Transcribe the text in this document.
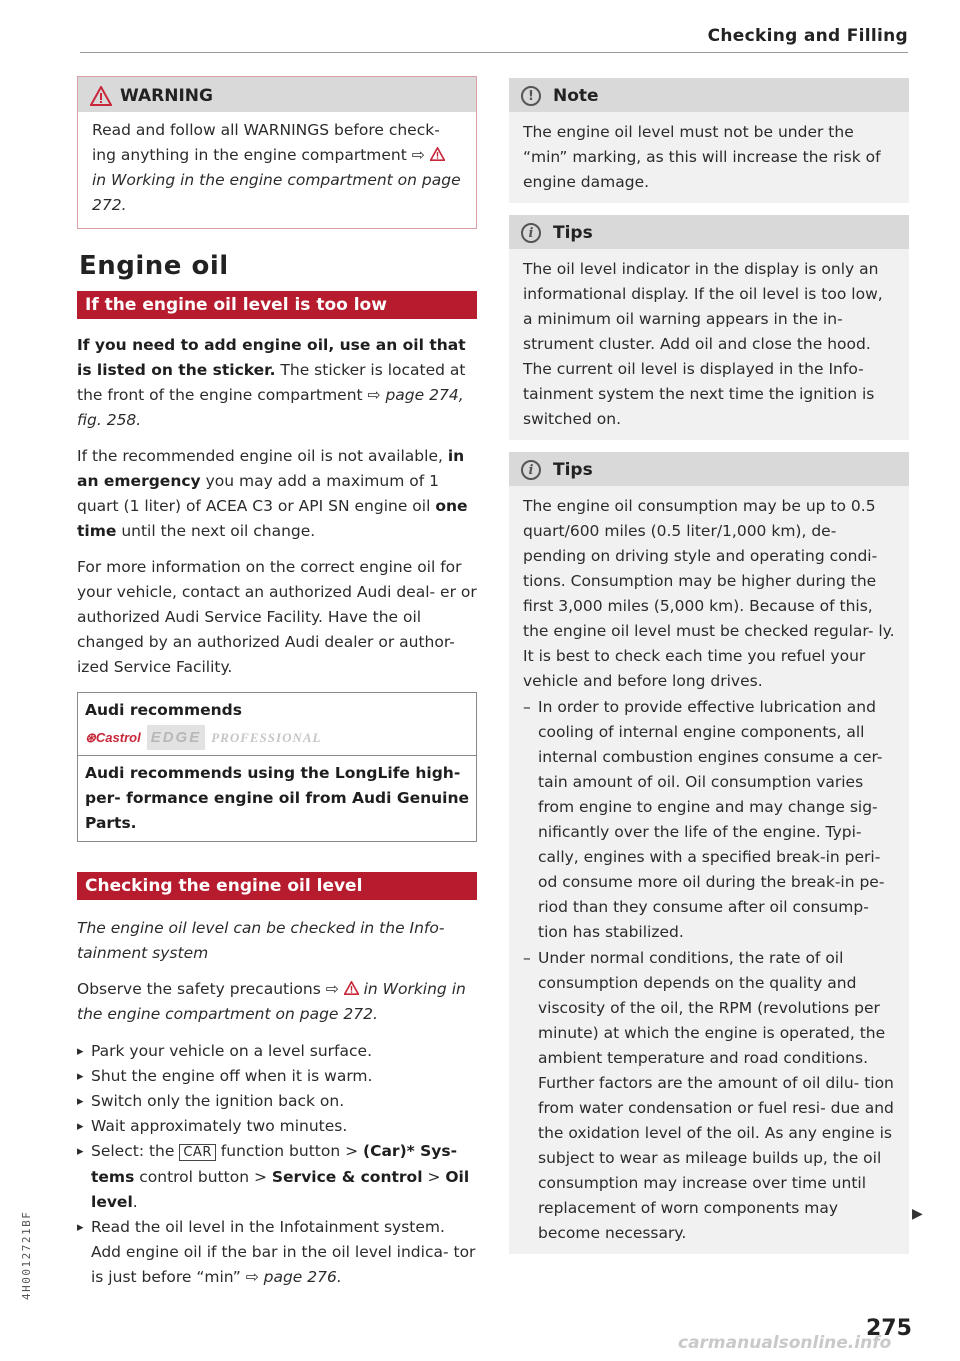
Checking and Filling
WARNING

Read and follow all WARNINGS before check- ing anything in the engine compartment ⇨
in Working in the engine compartment on page 272.

Engine oil
If the engine oil level is too low

If you need to add engine oil, use an oil that is listed on the sticker. The sticker is located at the front of the engine compartment ⇨ page 274, fig. 258.

If the recommended engine oil is not available, in an emergency you may add a maximum of 1 quart (1 liter) of ACEA C3 or API SN engine oil one time until the next oil change.

For more information on the correct engine oil for your vehicle, contact an authorized Audi deal- er or authorized Audi Service Facility. Have the oil changed by an authorized Audi dealer or author- ized Service Facility.

Audi recommends
⊛Castrol EDGE PROFESSIONAL
Audi recommends using the LongLife high-per- formance engine oil from Audi Genuine Parts.
Checking the engine oil level

The engine oil level can be checked in the Info- tainment system

Observe the safety precautions ⇨  in Working in the engine compartment on page 272.

▸ Park your vehicle on a level surface.
▸ Shut the engine off when it is warm.
▸ Switch only the ignition back on.
▸ Wait approximately two minutes.
▸ Select: the CAR function button > (Car)* Sys- tems control button > Service & control > Oil level.
▸ Read the oil level in the Infotainment system. Add engine oil if the bar in the oil level indica- tor is just before “min” ⇨ page 276.
!	Note

The engine oil level must not be under the “min” marking, as this will increase the risk of engine damage.

i	Tips

The oil level indicator in the display is only an informational display. If the oil level is too low, a minimum oil warning appears in the in- strument cluster. Add oil and close the hood. The current oil level is displayed in the Info- tainment system the next time the ignition is switched on.

i	Tips

The engine oil consumption may be up to 0.5 quart/600 miles (0.5 liter/1,000 km), de- pending on driving style and operating condi- tions. Consumption may be higher during the first 3,000 miles (5,000 km). Because of this, the engine oil level must be checked regular- ly. It is best to check each time you refuel your vehicle and before long drives.

– In order to provide effective lubrication and cooling of internal engine components, all internal combustion engines consume a cer- tain amount of oil. Oil consumption varies from engine to engine and may change sig- nificantly over the life of the engine. Typi- cally, engines with a specified break-in peri- od consume more oil during the break-in pe- riod than they consume after oil consump- tion has stabilized.
– Under normal conditions, the rate of oil consumption depends on the quality and viscosity of the oil, the RPM (revolutions per minute) at which the engine is operated, the ambient temperature and road conditions. Further factors are the amount of oil dilu- tion from water condensation or fuel resi- due and the oxidation level of the oil. As any engine is subject to wear as mileage builds up, the oil consumption may increase over time until replacement of worn components may become necessary.
▶
275
4H0012721BF
carmanualsonline.info
